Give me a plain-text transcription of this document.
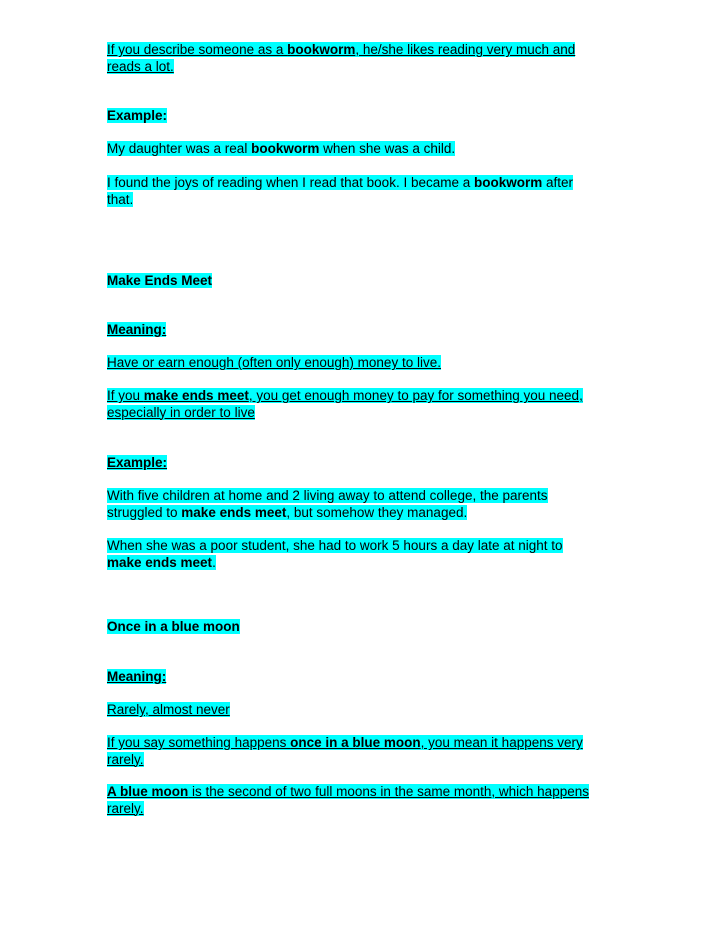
If you describe someone as a bookworm, he/she likes reading very much and
reads a lot.
Example:
My daughter was a real bookworm when she was a child.
I found the joys of reading when I read that book. I became a bookworm after
that.
Make Ends Meet
Meaning:
Have or earn enough (often only enough) money to live.
If you make ends meet, you get enough money to pay for something you need,
especially in order to live
Example:
With five children at home and 2 living away to attend college, the parents
struggled to make ends meet, but somehow they managed.
When she was a poor student, she had to work 5 hours a day late at night to
make ends meet.
Once in a blue moon
Meaning:
Rarely, almost never
If you say something happens once in a blue moon, you mean it happens very
rarely.
A blue moon is the second of two full moons in the same month, which happens
rarely.
